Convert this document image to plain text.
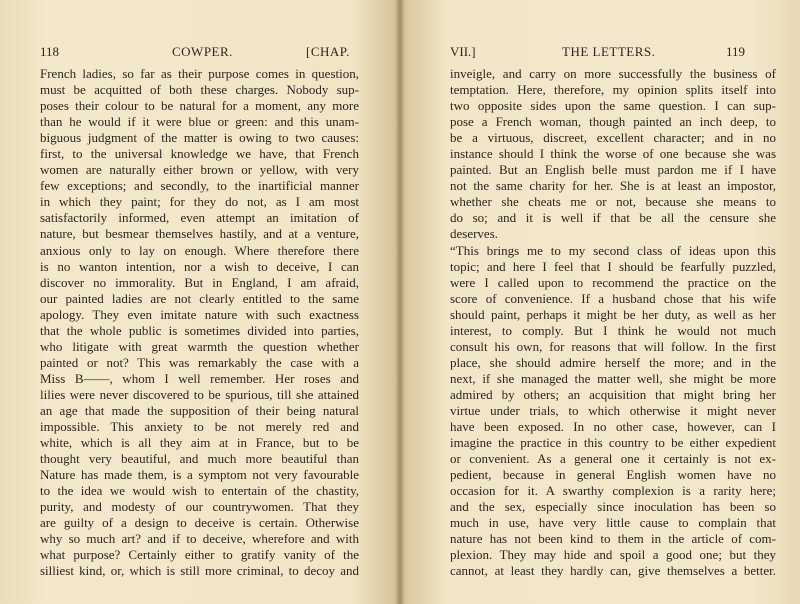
118	COWPER.	[CHAP.
French ladies, so far as their purpose comes in question,
must be acquitted of both these charges. Nobody sup-
poses their colour to be natural for a moment, any more
than he would if it were blue or green: and this unam-
biguous judgment of the matter is owing to two causes:
first, to the universal knowledge we have, that French
women are naturally either brown or yellow, with very
few exceptions; and secondly, to the inartificial manner
in which they paint; for they do not, as I am most
satisfactorily informed, even attempt an imitation of
nature, but besmear themselves hastily, and at a venture,
anxious only to lay on enough. Where therefore there
is no wanton intention, nor a wish to deceive, I can
discover no immorality. But in England, I am afraid,
our painted ladies are not clearly entitled to the same
apology. They even imitate nature with such exactness
that the whole public is sometimes divided into parties,
who litigate with great warmth the question whether
painted or not? This was remarkably the case with a
Miss B——, whom I well remember. Her roses and
lilies were never discovered to be spurious, till she attained
an age that made the supposition of their being natural
impossible. This anxiety to be not merely red and
white, which is all they aim at in France, but to be
thought very beautiful, and much more beautiful than
Nature has made them, is a symptom not very favourable
to the idea we would wish to entertain of the chastity,
purity, and modesty of our countrywomen. That they
are guilty of a design to deceive is certain. Otherwise
why so much art? and if to deceive, wherefore and with
what purpose? Certainly either to gratify vanity of the
silliest kind, or, which is still more criminal, to decoy and
VII.]	THE LETTERS.	119
inveigle, and carry on more successfully the business of
temptation. Here, therefore, my opinion splits itself into
two opposite sides upon the same question. I can sup-
pose a French woman, though painted an inch deep, to
be a virtuous, discreet, excellent character; and in no
instance should I think the worse of one because she was
painted. But an English belle must pardon me if I have
not the same charity for her. She is at least an impostor,
whether she cheats me or not, because she means to
do so; and it is well if that be all the censure she
deserves.
“This brings me to my second class of ideas upon this
topic; and here I feel that I should be fearfully puzzled,
were I called upon to recommend the practice on the
score of convenience. If a husband chose that his wife
should paint, perhaps it might be her duty, as well as her
interest, to comply. But I think he would not much
consult his own, for reasons that will follow. In the first
place, she should admire herself the more; and in the
next, if she managed the matter well, she might be more
admired by others; an acquisition that might bring her
virtue under trials, to which otherwise it might never
have been exposed. In no other case, however, can I
imagine the practice in this country to be either expedient
or convenient. As a general one it certainly is not ex-
pedient, because in general English women have no
occasion for it. A swarthy complexion is a rarity here;
and the sex, especially since inoculation has been so
much in use, have very little cause to complain that
nature has not been kind to them in the article of com-
plexion. They may hide and spoil a good one; but they
cannot, at least they hardly can, give themselves a better.
